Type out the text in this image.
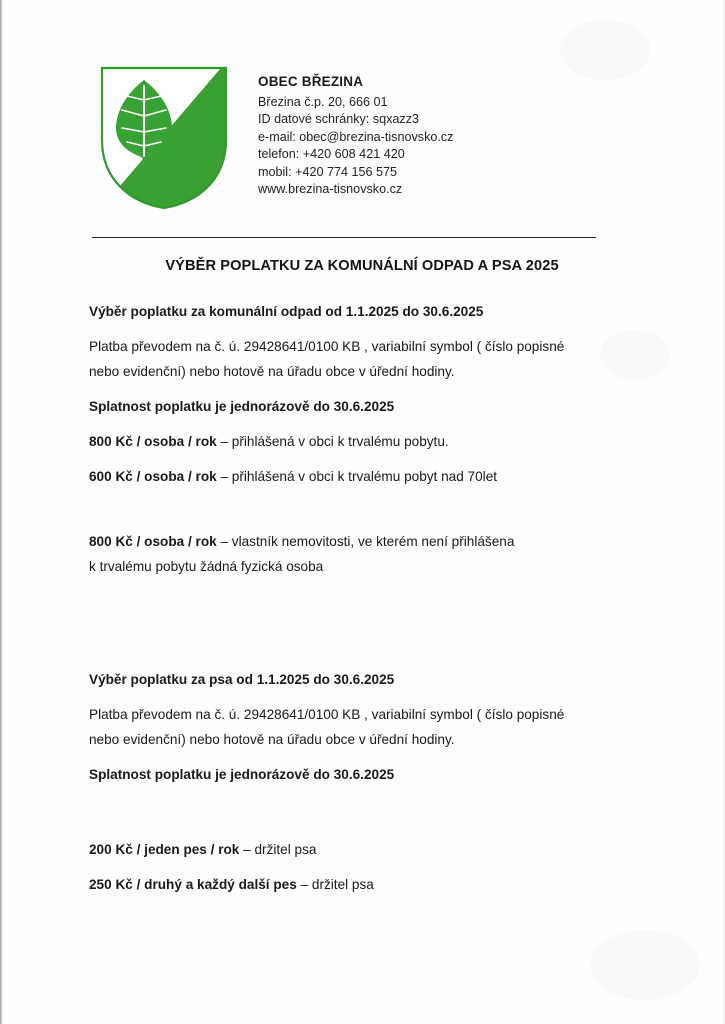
OBEC BŘEZINA
Březina č.p. 20, 666 01
ID datové schránky: sqxazz3
e-mail: obec@brezina-tisnovsko.cz
telefon: +420 608 421 420
mobil: +420 774 156 575
www.brezina-tisnovsko.cz
VÝBĚR POPLATKU ZA KOMUNÁLNÍ ODPAD A PSA 2025
Výběr poplatku za komunální odpad od 1.1.2025 do 30.6.2025
Platba převodem na č. ú. 29428641/0100 KB , variabilní symbol ( číslo popisné
nebo evidenční) nebo hotově na úřadu obce v úřední hodiny.
Splatnost poplatku je jednorázově do 30.6.2025
800 Kč / osoba / rok – přihlášená v obci k trvalému pobytu.
600 Kč / osoba / rok – přihlášená v obci k trvalému pobyt nad 70let
800 Kč / osoba / rok – vlastník nemovitosti, ve kterém není přihlášena
k trvalému pobytu žádná fyzická osoba
Výběr poplatku za psa od 1.1.2025 do 30.6.2025
Platba převodem na č. ú. 29428641/0100 KB , variabilní symbol ( číslo popisné
nebo evidenční) nebo hotově na úřadu obce v úřední hodiny.
Splatnost poplatku je jednorázově do 30.6.2025
200 Kč / jeden pes / rok – držitel psa
250 Kč / druhý a každý další pes – držitel psa
